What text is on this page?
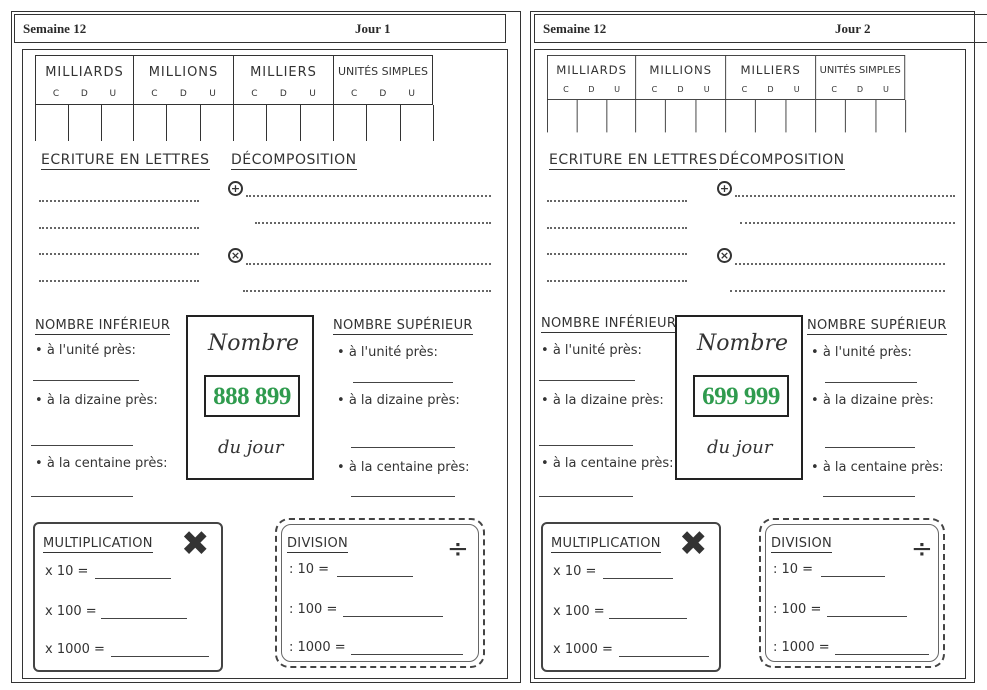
Semaine 12	Jour 1
MILLIARDS
C D U
MILLIONS
C D U
MILLIERS
C D U
UNITÉS SIMPLES
C D U
ECRITURE EN LETTRES DÉCOMPOSITION
+
×
NOMBRE INFÉRIEUR
• à l'unité près:
• à la dizaine près:
• à la centaine près:
Nombre
888 899
du jour
NOMBRE SUPÉRIEUR
• à l'unité près:
• à la dizaine près:
• à la centaine près:
MULTIPLICATION ✖
x 10 =
x 100 =
x 1000 =
DIVISION	÷
: 10 =
: 100 =
: 1000 =
Semaine 12	Jour 2
MILLIARDS
C D U
MILLIONS
C D U
MILLIERS
C D U
UNITÉS SIMPLES
C D U
ECRITURE EN LETTRES DÉCOMPOSITION
+
×
NOMBRE INFÉRIEUR
• à l'unité près:
• à la dizaine près:
• à la centaine près:
Nombre
699 999
du jour
NOMBRE SUPÉRIEUR
• à l'unité près:
• à la dizaine près:
• à la centaine près:
MULTIPLICATION ✖
x 10 =
x 100 =
x 1000 =
DIVISION	÷
: 10 =
: 100 =
: 1000 =
